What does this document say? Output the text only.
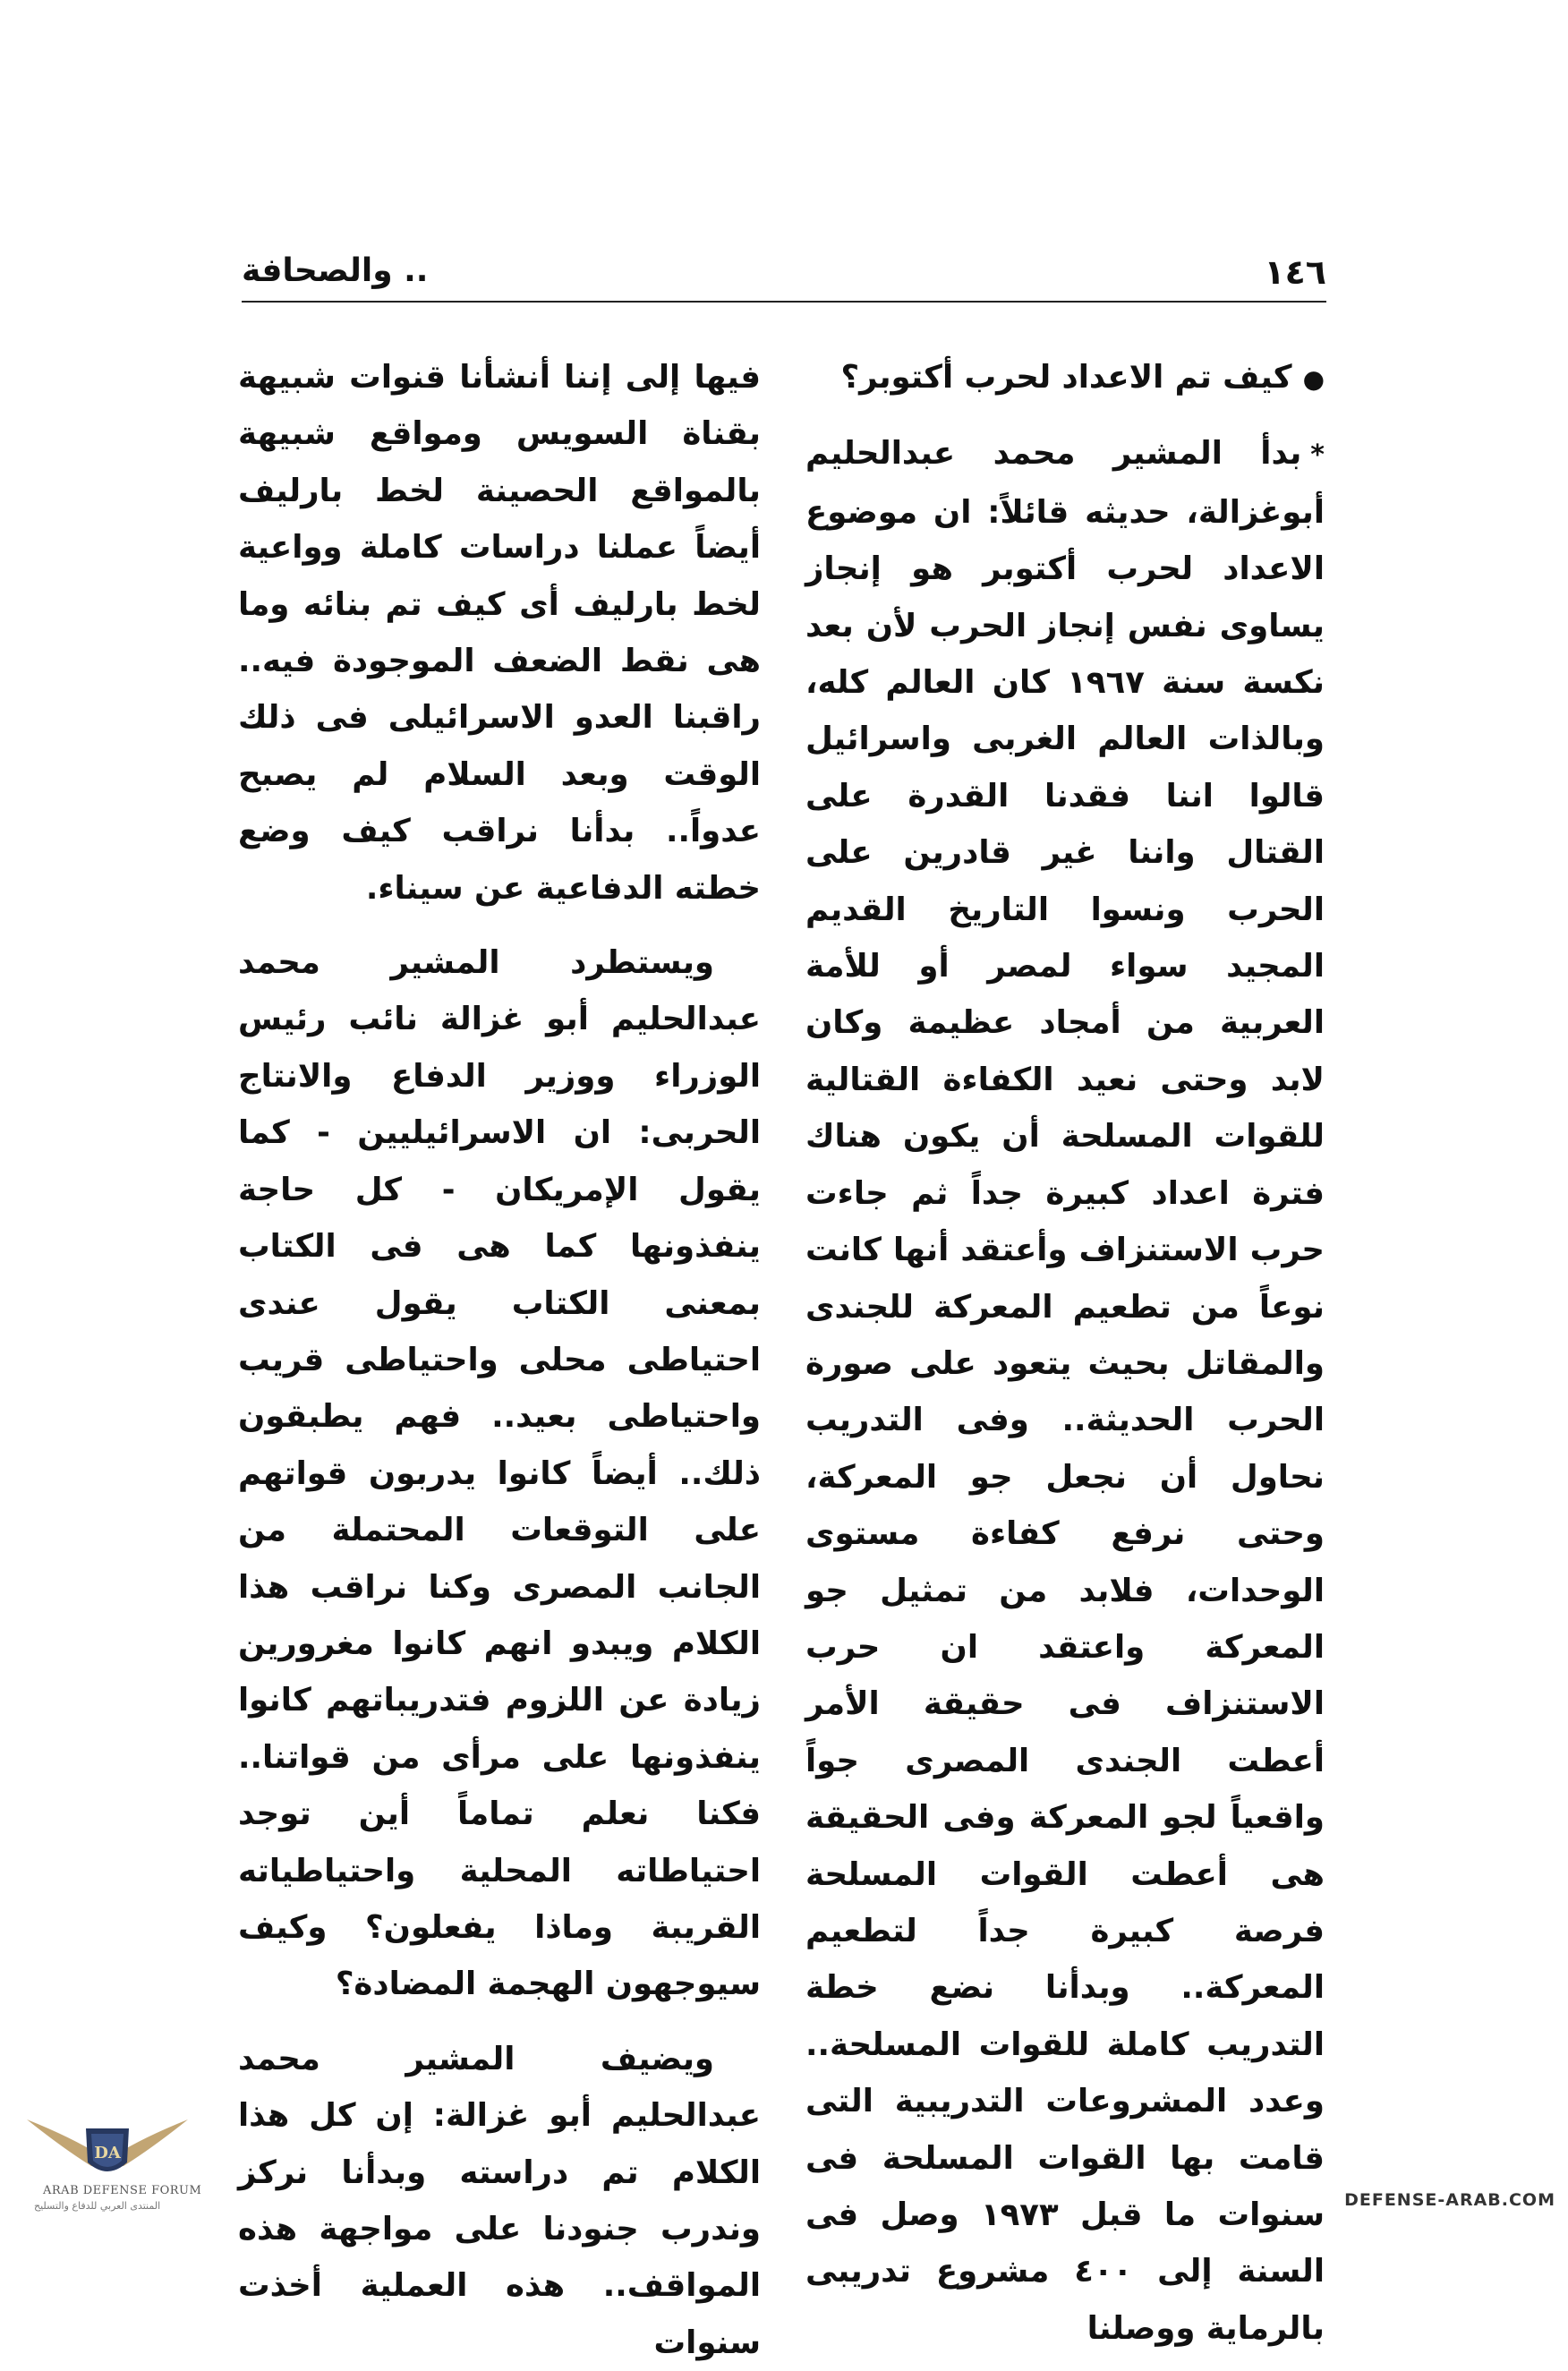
١٤٦
.. والصحافة

●كيف تم الاعداد لحرب أكتوبر؟

*بدأ المشير محمد عبدالحليم أبوغزالة، حديثه قائلاً: ان موضوع الاعداد لحرب أكتوبر هو إنجاز يساوى نفس إنجاز الحرب لأن بعد نكسة سنة ١٩٦٧ كان العالم كله، وبالذات العالم الغربى واسرائيل قالوا اننا فقدنا القدرة على القتال واننا غير قادرين على الحرب ونسوا التاريخ القديم المجيد سواء لمصر أو للأمة العربية من أمجاد عظيمة وكان لابد وحتى نعيد الكفاءة القتالية للقوات المسلحة أن يكون هناك فترة اعداد كبيرة جداً ثم جاءت حرب الاستنزاف وأعتقد أنها كانت نوعاً من تطعيم المعركة للجندى والمقاتل بحيث يتعود على صورة الحرب الحديثة.. وفى التدريب نحاول أن نجعل جو المعركة، وحتى نرفع كفاءة مستوى الوحدات، فلابد من تمثيل جو المعركة واعتقد ان حرب الاستنزاف فى حقيقة الأمر أعطت الجندى المصرى جواً واقعياً لجو المعركة وفى الحقيقة هى أعطت القوات المسلحة فرصة كبيرة جداً لتطعيم المعركة.. وبدأنا نضع خطة التدريب كاملة للقوات المسلحة.. وعدد المشروعات التدريبية التى قامت بها القوات المسلحة فى سنوات ما قبل ١٩٧٣ وصل فى السنة إلى ٤٠٠ مشروع تدريبى بالرماية ووصلنا

فيها إلى إننا أنشأنا قنوات شبيهة بقناة السويس ومواقع شبيهة بالمواقع الحصينة لخط بارليف أيضاً عملنا دراسات كاملة وواعية لخط بارليف أى كيف تم بنائه وما هى نقط الضعف الموجودة فيه.. راقبنا العدو الاسرائيلى فى ذلك الوقت وبعد السلام لم يصبح عدواً.. بدأنا نراقب كيف وضع خطته الدفاعية عن سيناء.

ويستطرد المشير محمد عبدالحليم أبو غزالة نائب رئيس الوزراء ووزير الدفاع والانتاج الحربى: ان الاسرائيليين - كما يقول الإمريكان - كل حاجة ينفذونها كما هى فى الكتاب بمعنى الكتاب يقول عندى احتياطى محلى واحتياطى قريب واحتياطى بعيد.. فهم يطبقون ذلك.. أيضاً كانوا يدربون قواتهم على التوقعات المحتملة من الجانب المصرى وكنا نراقب هذا الكلام ويبدو انهم كانوا مغرورين زيادة عن اللزوم فتدريباتهم كانوا ينفذونها على مرأى من قواتنا.. فكنا نعلم تماماً أين توجد احتياطاته المحلية واحتياطياته القريبة وماذا يفعلون؟ وكيف سيوجهون الهجمة المضادة؟

ويضيف المشير محمد عبدالحليم أبو غزالة: إن كل هذا الكلام تم دراسته وبدأنا نركز وندرب جنودنا على مواجهة هذه المواقف.. هذه العملية أخذت سنوات

DA
ARAB DEFENSE FORUM
المنتدى العربي للدفاع والتسليح	DEFENSE-ARAB.COM
